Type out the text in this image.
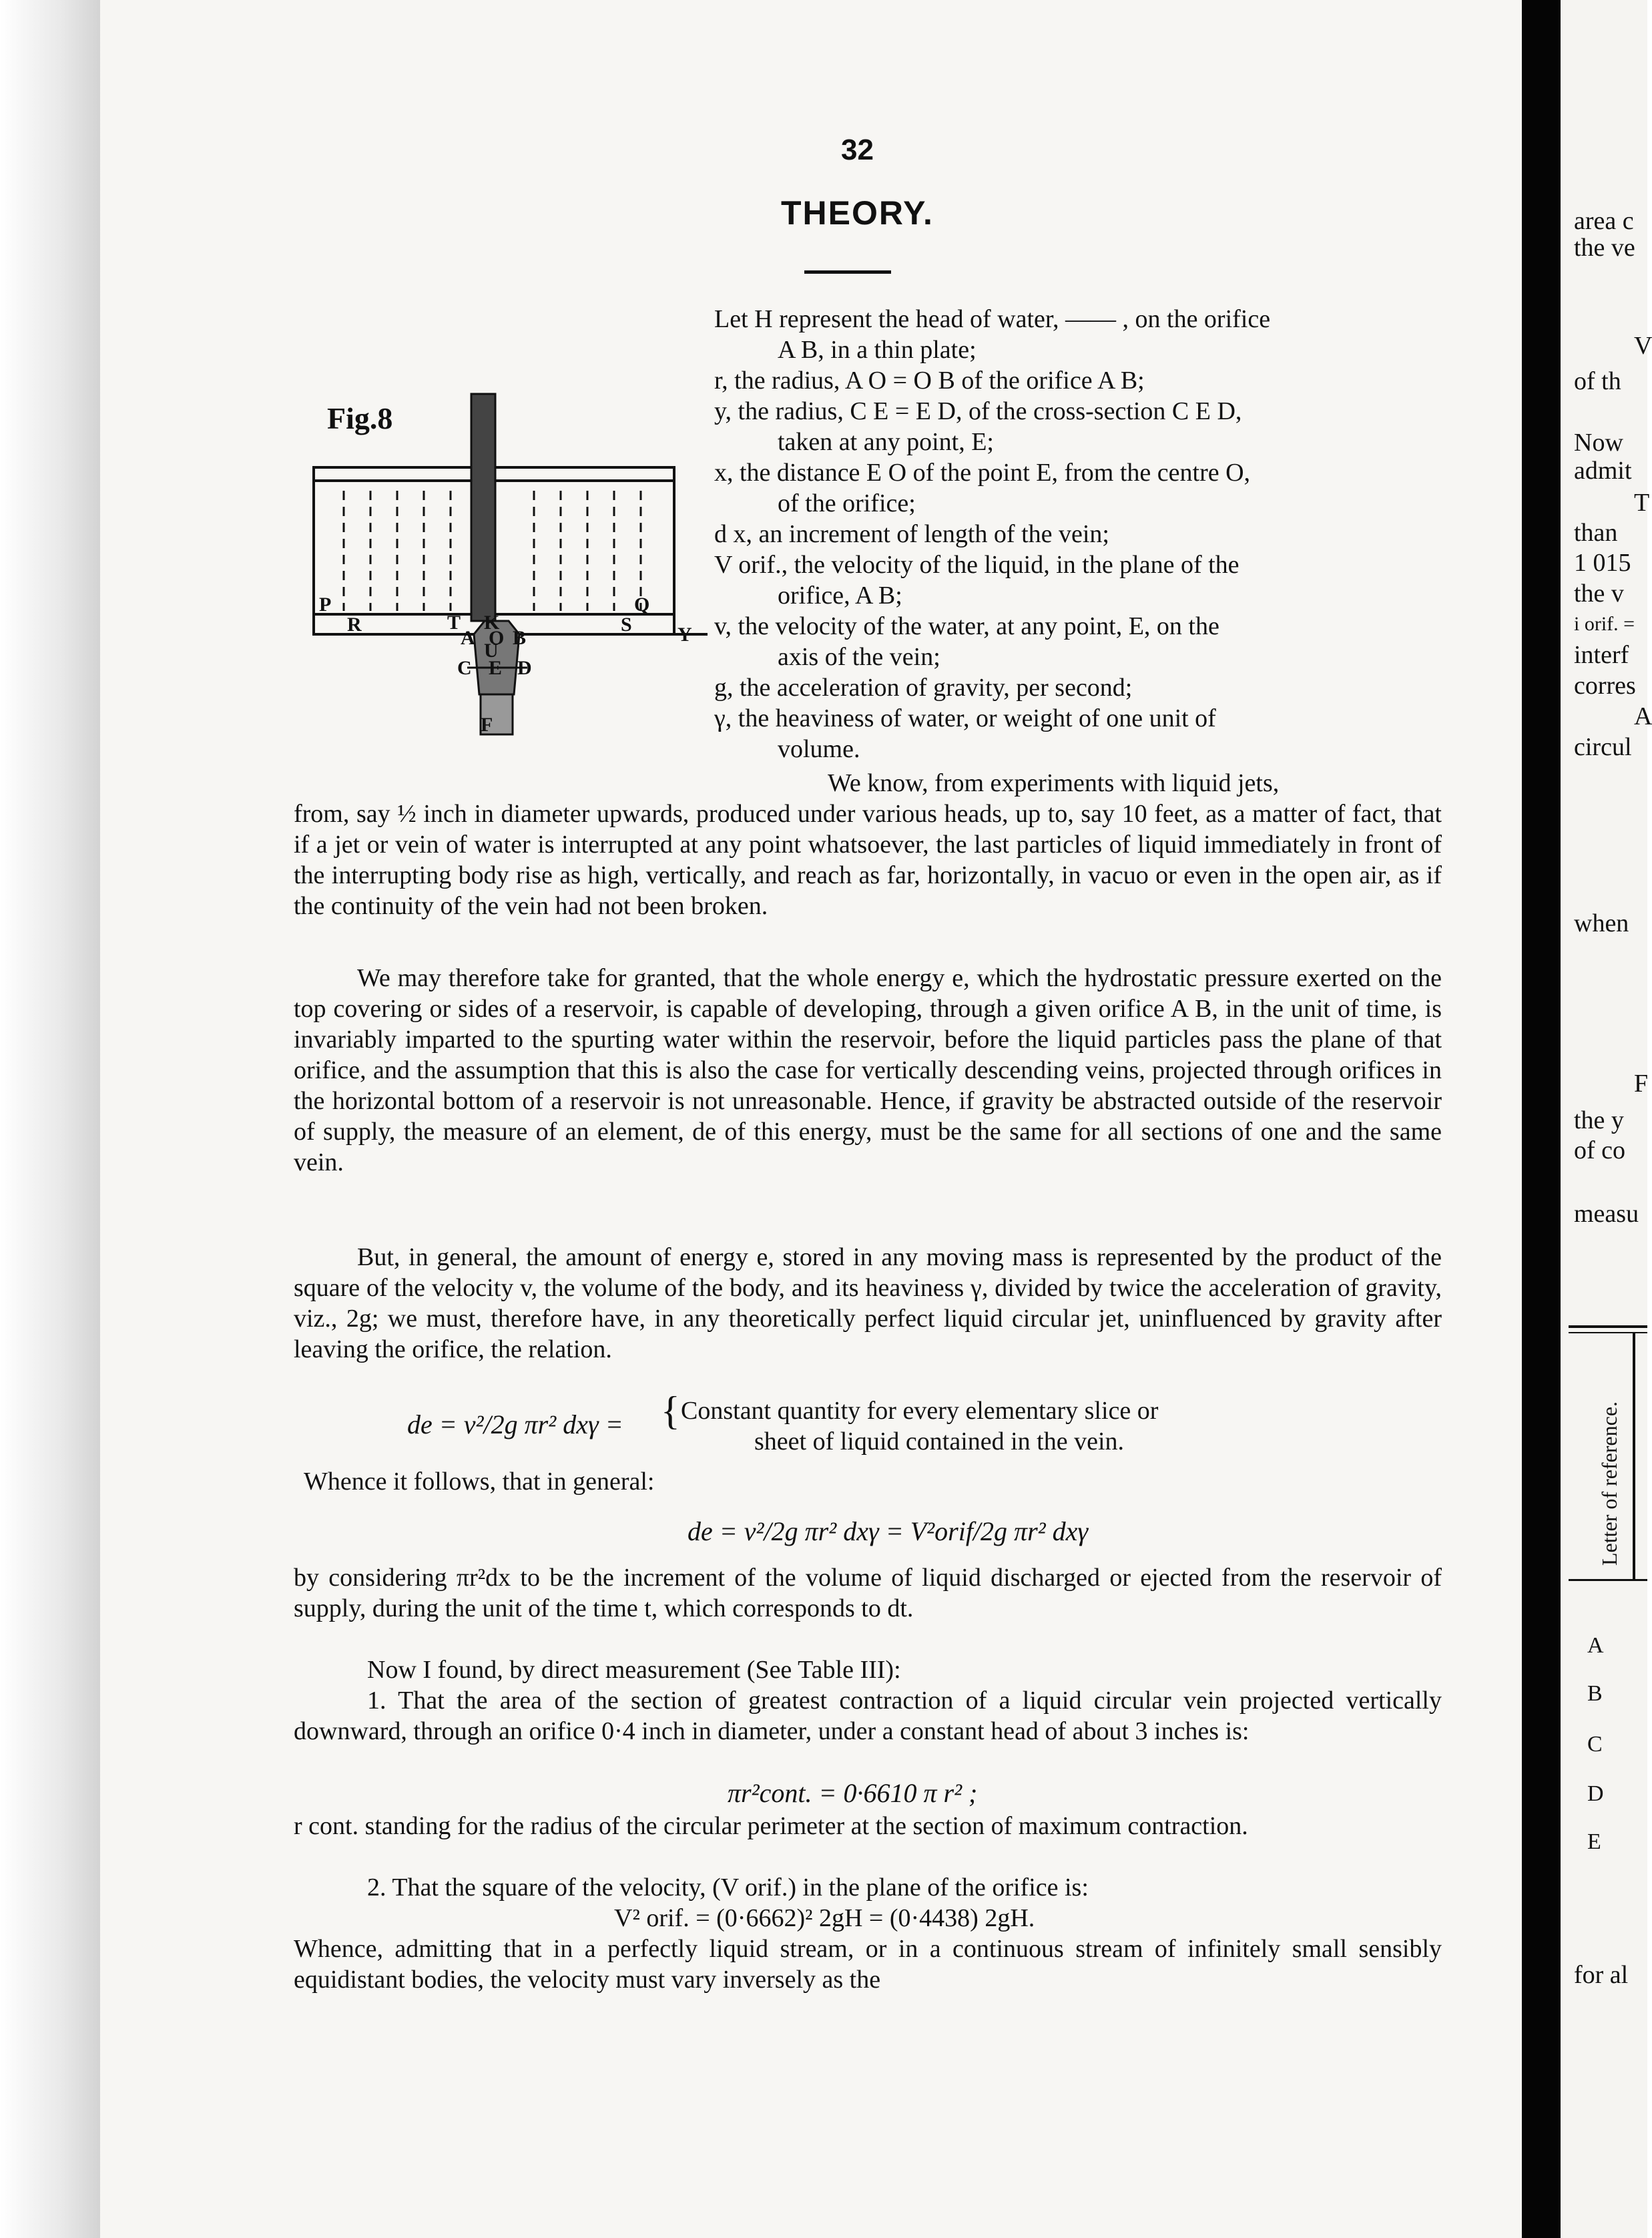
32
THEORY.
Fig.8
P
R	T K
O B
A
U
C E D
F
Q
S Y
Let H represent the head of water, —— , on the orifice
A B, in a thin plate;
r, the radius, A O = O B of the orifice A B;
y, the radius, C E = E D, of the cross-section C E D,
taken at any point, E;
x, the distance E O of the point E, from the centre O,
of the orifice;
d x, an increment of length of the vein;
V orif., the velocity of the liquid, in the plane of the
orifice, A B;
v, the velocity of the water, at any point, E, on the
axis of the vein;
g, the acceleration of gravity, per second;
γ, the heaviness of water, or weight of one unit of
volume.
We know, from experiments with liquid jets,
from, say ½ inch in diameter upwards, produced under various heads, up to, say 10 feet, as a matter of fact, that if a jet or vein of water is interrupted at any point whatsoever, the last particles of liquid immediately in front of the interrupting body rise as high, vertically, and reach as far, horizontally, in vacuo or even in the open air, as if the continuity of the vein had not been broken.
We may therefore take for granted, that the whole energy e, which the hydrostatic pressure exerted on the top covering or sides of a reservoir, is capable of developing, through a given orifice A B, in the unit of time, is invariably imparted to the spurting water within the reservoir, before the liquid particles pass the plane of that orifice, and the assumption that this is also the case for vertically descending veins, projected through orifices in the horizontal bottom of a reservoir is not unreasonable. Hence, if gravity be abstracted outside of the reservoir of supply, the measure of an element, de of this energy, must be the same for all sections of one and the same vein.
But, in general, the amount of energy e, stored in any moving mass is represented by the product of the square of the velocity v, the volume of the body, and its heaviness γ, divided by twice the acceleration of gravity, viz., 2g; we must, therefore have, in any theoretically perfect liquid circular jet, uninfluenced by gravity after leaving the orifice, the relation.
de = v²/2g πr² dxγ = { Constant quantity for every elementary slice or
sheet of liquid contained in the vein.
Whence it follows, that in general:
de = v²/2g πr² dxγ = V²orif/2g πr² dxγ
by considering πr²dx to be the increment of the volume of liquid discharged or ejected from the reservoir of supply, during the unit of the time t, which corresponds to dt.
Now I found, by direct measurement (See Table III):
1. That the area of the section of greatest contraction of a liquid circular vein projected vertically downward, through an orifice 0·4 inch in diameter, under a constant head of about 3 inches is:
πr²cont. = 0·6610 π r² ;
r cont. standing for the radius of the circular perimeter at the section of maximum contraction.
2. That the square of the velocity, (V orif.) in the plane of the orifice is:
V² orif. = (0·6662)² 2gH = (0·4438) 2gH.
Whence, admitting that in a perfectly liquid stream, or in a continuous stream of infinitely small sensibly equidistant bodies, the velocity must vary inversely as the
area c
the ve
V
of th
Now
admit
T
than
1 015
the v
i orif. =
interf
corres
A
circul
when
F
the y
of co
measu
for al
Letter of reference.
A
B
C
D
E
